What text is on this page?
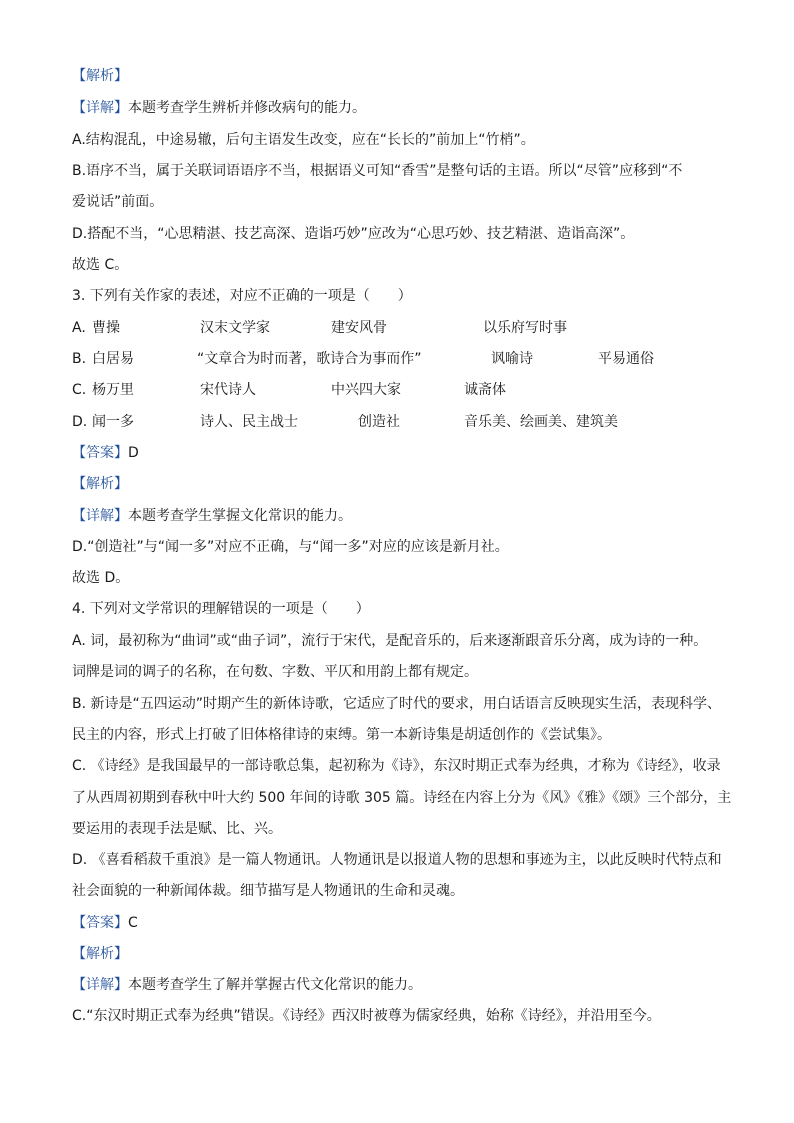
【解析】
【详解】本题考查学生辨析并修改病句的能力。
A.结构混乱，中途易辙，后句主语发生改变，应在“长长的”前加上“竹梢”。
B.语序不当，属于关联词语语序不当，根据语义可知“香雪”是整句话的主语。所以“尽管”应移到“不
爱说话”前面。
D.搭配不当，“心思精湛、技艺高深、造诣巧妙”应改为“心思巧妙、技艺精湛、造诣高深”。
故选 C。
3. 下列有关作家的表述，对应不正确的一项是（　　）
A. 曹操	汉末文学家	建安风骨	以乐府写时事
B. 白居易	“文章合为时而著，歌诗合为事而作”	讽喻诗	平易通俗
C. 杨万里	宋代诗人	中兴四大家	诚斋体
D. 闻一多	诗人、民主战士	创造社	音乐美、绘画美、建筑美
【答案】D
【解析】
【详解】本题考查学生掌握文化常识的能力。
D.“创造社”与“闻一多”对应不正确，与“闻一多”对应的应该是新月社。
故选 D。
4. 下列对文学常识的理解错误的一项是（　　）
A. 词，最初称为“曲词”或“曲子词”，流行于宋代，是配音乐的，后来逐渐跟音乐分离，成为诗的一种。
词牌是词的调子的名称，在句数、字数、平仄和用韵上都有规定。
B. 新诗是“五四运动”时期产生的新体诗歌，它适应了时代的要求，用白话语言反映现实生活，表现科学、
民主的内容，形式上打破了旧体格律诗的束缚。第一本新诗集是胡适创作的《尝试集》。
C. 《诗经》是我国最早的一部诗歌总集，起初称为《诗》，东汉时期正式奉为经典，才称为《诗经》，收录
了从西周初期到春秋中叶大约 500 年间的诗歌 305 篇。诗经在内容上分为《风》《雅》《颂》三个部分，主
要运用的表现手法是赋、比、兴。
D. 《喜看稻菽千重浪》是一篇人物通讯。人物通讯是以报道人物的思想和事迹为主，以此反映时代特点和
社会面貌的一种新闻体裁。细节描写是人物通讯的生命和灵魂。
【答案】C
【解析】
【详解】本题考查学生了解并掌握古代文化常识的能力。
C.“东汉时期正式奉为经典”错误。《诗经》西汉时被尊为儒家经典，始称《诗经》，并沿用至今。
